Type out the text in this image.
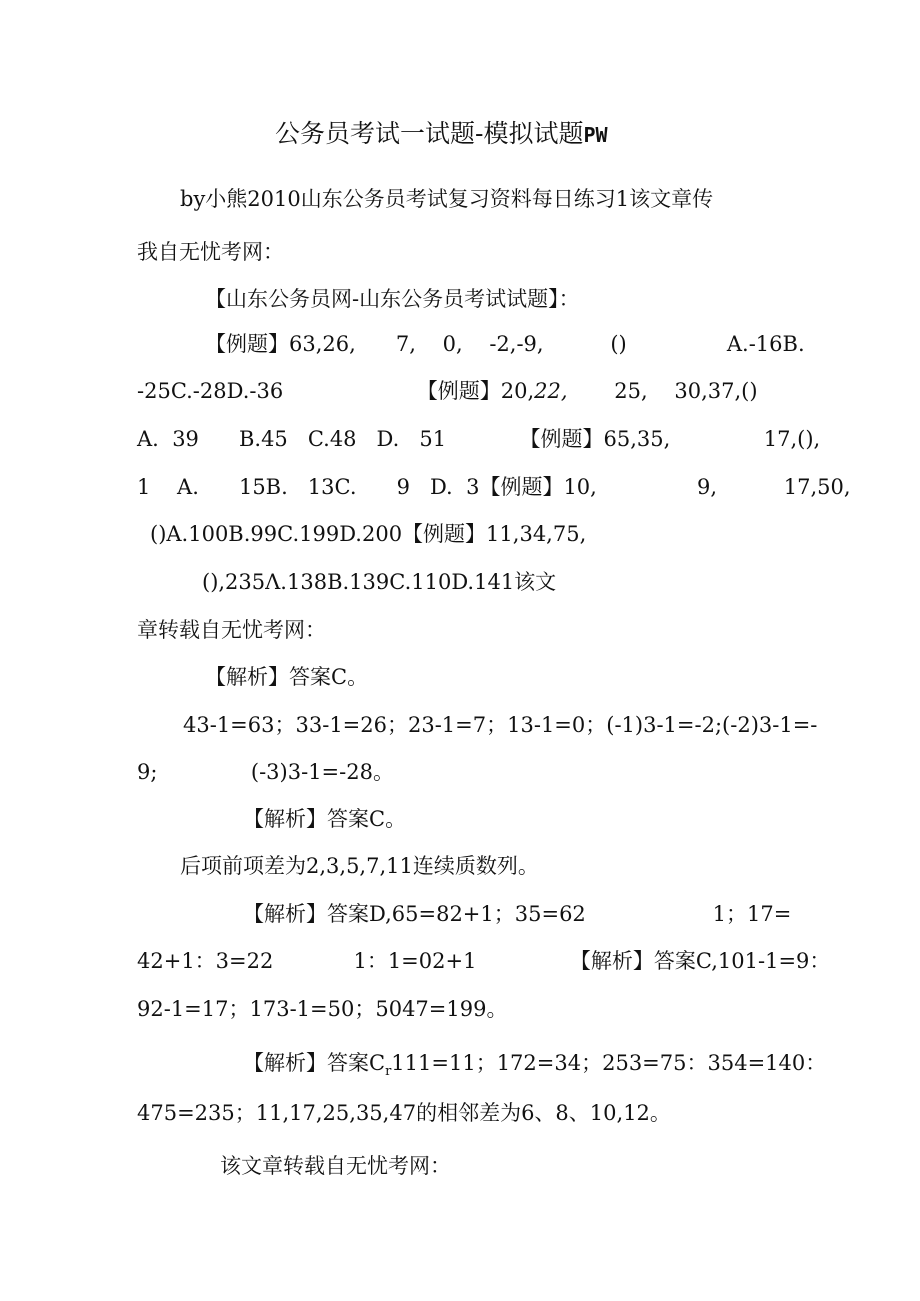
公务员考试一试题-模拟试题PW
by小熊2010山东公务员考试复习资料每日练习1该文章传
我自无忧考网：
【山东公务员网-山东公务员考试试题】：
【例题】63,26,      7,    0,    -2,-9,          ()               A.-16B.
-25C.-28D.-36                    【例题】20,22,       25,    30,37,()
A.  39      B.45   C.48   D.   51           【例题】65,35,              17,(),
1    A.      15B.   13C.      9   D.  3【例题】10,               9,          17,50,
()A.100B.99C.199D.200【例题】11,34,75,
(),235Λ.138B.139C.110D.141该文
章转载自无忧考网：
【解析】答案C。
43-1=63；33-1=26；23-1=7；13-1=0；(-1)3-1=-2;(-2)3-1=-
9;              (-3)3-1=-28。
【解析】答案C。
后项前项差为2,3,5,7,11连续质数列。
【解析】答案D,65=82+1；35=62                   1；17=
42+1：3=22            1：1=02+1              【解析】答案C,101-1=9：
92-1=17；173-1=50；5047=199。
【解析】答案$C_r111=11$；172=34；253=75：354=140：
475=235；11,17,25,35,47的相邻差为6、8、10,12。
该文章转载自无忧考网：
